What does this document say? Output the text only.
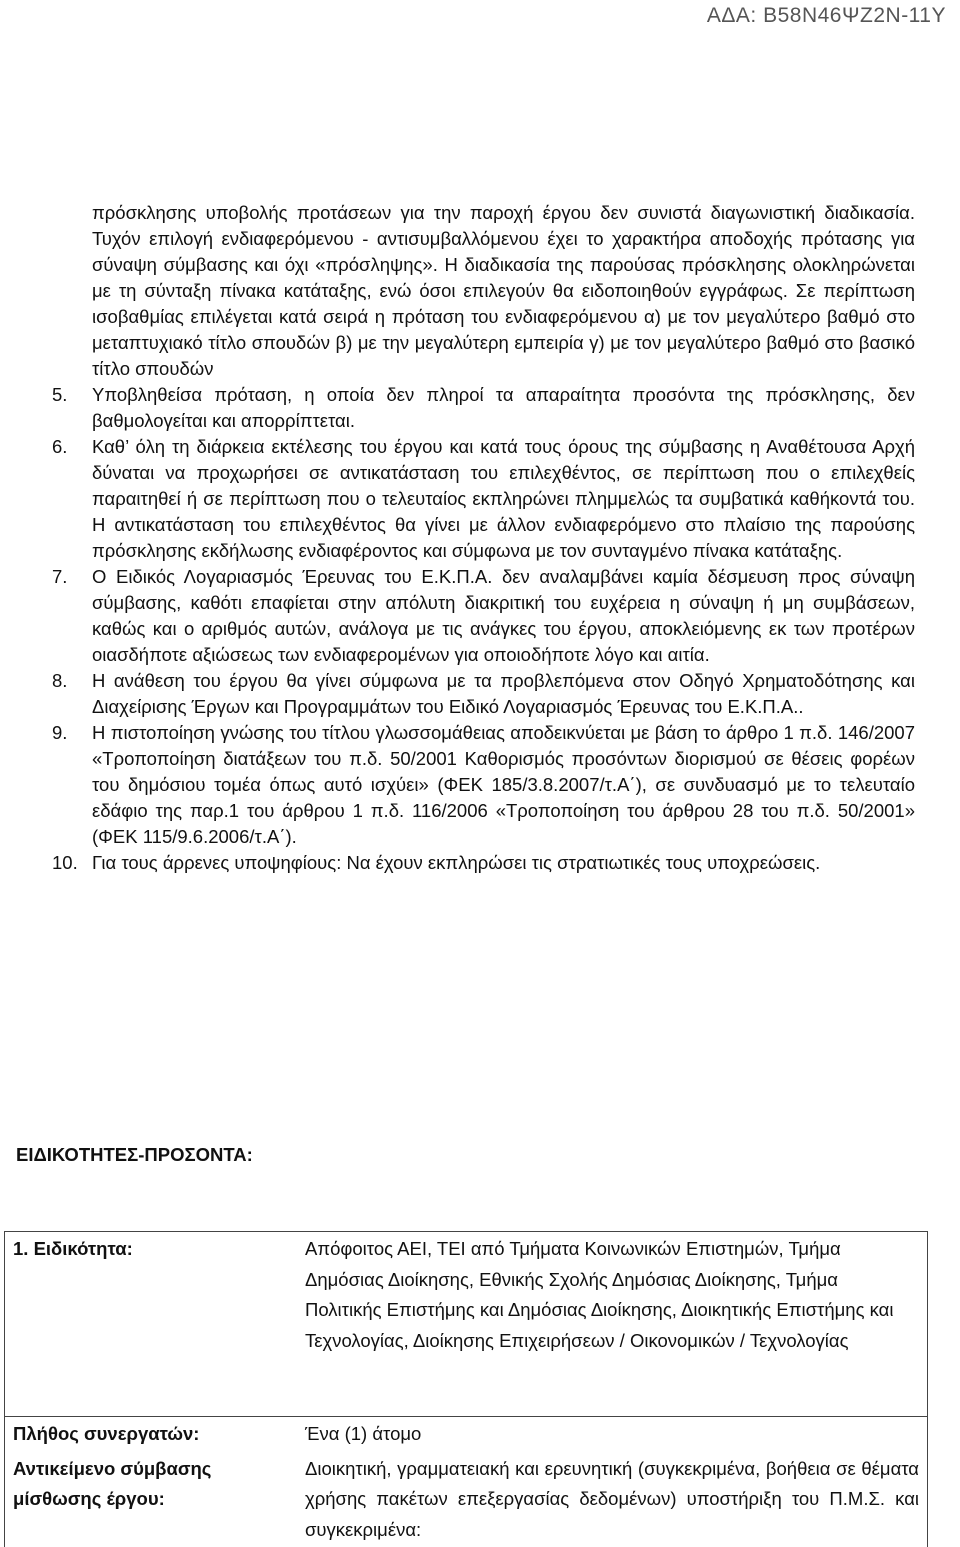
ΑΔΑ: Β58Ν46ΨΖ2Ν-11Υ

πρόσκλησης υποβολής προτάσεων για την παροχή έργου δεν συνιστά διαγωνιστική διαδικασία. Τυχόν επιλογή ενδιαφερόμενου - αντισυμβαλλόμενου έχει το χαρακτήρα αποδοχής πρότασης για σύναψη σύμβασης και όχι «πρόσληψης». Η διαδικασία της παρούσας πρόσκλησης ολοκληρώνεται με τη σύνταξη πίνακα κατάταξης, ενώ όσοι επιλεγούν θα ειδοποιηθούν εγγράφως. Σε περίπτωση ισοβαθμίας επιλέγεται κατά σειρά η πρόταση του ενδιαφερόμενου α) με τον μεγαλύτερο βαθμό στο μεταπτυχιακό τίτλο σπουδών β) με την μεγαλύτερη εμπειρία γ) με τον μεγαλύτερο βαθμό στο βασικό τίτλο σπουδών

5. Υποβληθείσα πρόταση, η οποία δεν πληροί τα απαραίτητα προσόντα της πρόσκλησης, δεν βαθμολογείται και απορρίπτεται.

6. Καθ’ όλη τη διάρκεια εκτέλεσης του έργου και κατά τους όρους της σύμβασης η Αναθέτουσα Αρχή δύναται να προχωρήσει σε αντικατάσταση του επιλεχθέντος, σε περίπτωση που ο επιλεχθείς παραιτηθεί ή σε περίπτωση που ο τελευταίος εκπληρώνει πλημμελώς τα συμβατικά καθήκοντά του. Η αντικατάσταση του επιλεχθέντος θα γίνει με άλλον ενδιαφερόμενο στο πλαίσιο της παρούσης πρόσκλησης εκδήλωσης ενδιαφέροντος και σύμφωνα με τον συνταγμένο πίνακα κατάταξης.

7. Ο Ειδικός Λογαριασμός Έρευνας του Ε.Κ.Π.Α. δεν αναλαμβάνει καμία δέσμευση προς σύναψη σύμβασης, καθότι επαφίεται στην απόλυτη διακριτική του ευχέρεια η σύναψη ή μη συμβάσεων, καθώς και ο αριθμός αυτών, ανάλογα με τις ανάγκες του έργου, αποκλειόμενης εκ των προτέρων οιασδήποτε αξιώσεως των ενδιαφερομένων για οποιοδήποτε λόγο και αιτία.

8. Η ανάθεση του έργου θα γίνει σύμφωνα με τα προβλεπόμενα στον Οδηγό Χρηματοδότησης και Διαχείρισης Έργων και Προγραμμάτων του Ειδικό Λογαριασμός Έρευνας του Ε.Κ.Π.Α..

9. Η πιστοποίηση γνώσης του τίτλου γλωσσομάθειας αποδεικνύεται με βάση το άρθρο 1 π.δ. 146/2007 «Τροποποίηση διατάξεων του π.δ. 50/2001 Καθορισμός προσόντων διορισμού σε θέσεις φορέων του δημόσιου τομέα όπως αυτό ισχύει» (ΦΕΚ 185/3.8.2007/τ.Α΄), σε συνδυασμό με το τελευταίο εδάφιο της παρ.1 του άρθρου 1 π.δ. 116/2006 «Τροποποίηση του άρθρου 28 του π.δ. 50/2001» (ΦΕΚ 115/9.6.2006/τ.Α΄).

10. Για τους άρρενες υποψηφίους: Να έχουν εκπληρώσει τις στρατιωτικές τους υποχρεώσεις.

ΕΙΔΙΚΟΤΗΤΕΣ-ΠΡΟΣΟΝΤΑ:
1. Ειδικότητα:	Απόφοιτος ΑΕΙ, ΤΕΙ από Τμήματα Κοινωνικών Επιστημών, Τμήμα Δημόσιας Διοίκησης, Εθνικής Σχολής Δημόσιας Διοίκησης, Τμήμα Πολιτικής Επιστήμης και Δημόσιας Διοίκησης, Διοικητικής Επιστήμης και Τεχνολογίας, Διοίκησης Επιχειρήσεων / Οικονομικών / Τεχνολογίας
Πλήθος συνεργατών:	Ένα (1) άτομο
Αντικείμενο σύμβασης μίσθωσης έργου:	Διοικητική, γραμματειακή και ερευνητική (συγκεκριμένα, βοήθεια σε θέματα χρήσης πακέτων επεξεργασίας δεδομένων) υποστήριξη του Π.Μ.Σ. και συγκεκριμένα:
